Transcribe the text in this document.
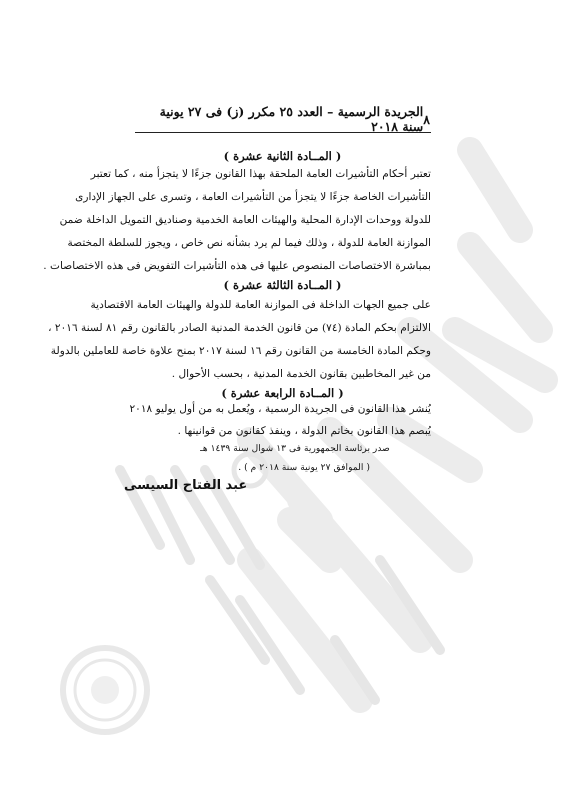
٨
الجريدة الرسمية – العدد ٢٥ مكرر (ز) فى ٢٧ يونية سنة ٢٠١٨
( المــادة الثانية عشرة )
تعتبر أحكام التأشيرات العامة الملحقة بهذا القانون جزءًا لا يتجزأ منه ، كما تعتبر
التأشيرات الخاصة جزءًا لا يتجزأ من التأشيرات العامة ، وتسرى على الجهاز الإدارى
للدولة ووحدات الإدارة المحلية والهيئات العامة الخدمية وصناديق التمويل الداخلة ضمن
الموازنة العامة للدولة ، وذلك فيما لم يرد بشأنه نص خاص ، ويجوز للسلطة المختصة
بمباشرة الاختصاصات المنصوص عليها فى هذه التأشيرات التفويض فى هذه الاختصاصات .
( المــادة الثالثة عشرة )
على جميع الجهات الداخلة فى الموازنة العامة للدولة والهيئات العامة الاقتصادية
الالتزام بحكم المادة (٧٤) من قانون الخدمة المدنية الصادر بالقانون رقم ٨١ لسنة ٢٠١٦ ،
وحكم المادة الخامسة من القانون رقم ١٦ لسنة ٢٠١٧ بمنح علاوة خاصة للعاملين بالدولة
من غير المخاطبين بقانون الخدمة المدنية ، بحسب الأحوال .
( المــادة الرابعة عشرة )
يُنشر هذا القانون فى الجريدة الرسمية ، ويُعمل به من أول يوليو ٢٠١٨
يُبصم هذا القانون بخاتم الدولة ، وينفذ كقانون من قوانينها .
صدر برئاسة الجمهورية فى ١٣ شوال سنة ١٤٣٩ هـ
( الموافق ٢٧ يونية سنة ٢٠١٨ م ) .
عبد الفتاح السيسى
